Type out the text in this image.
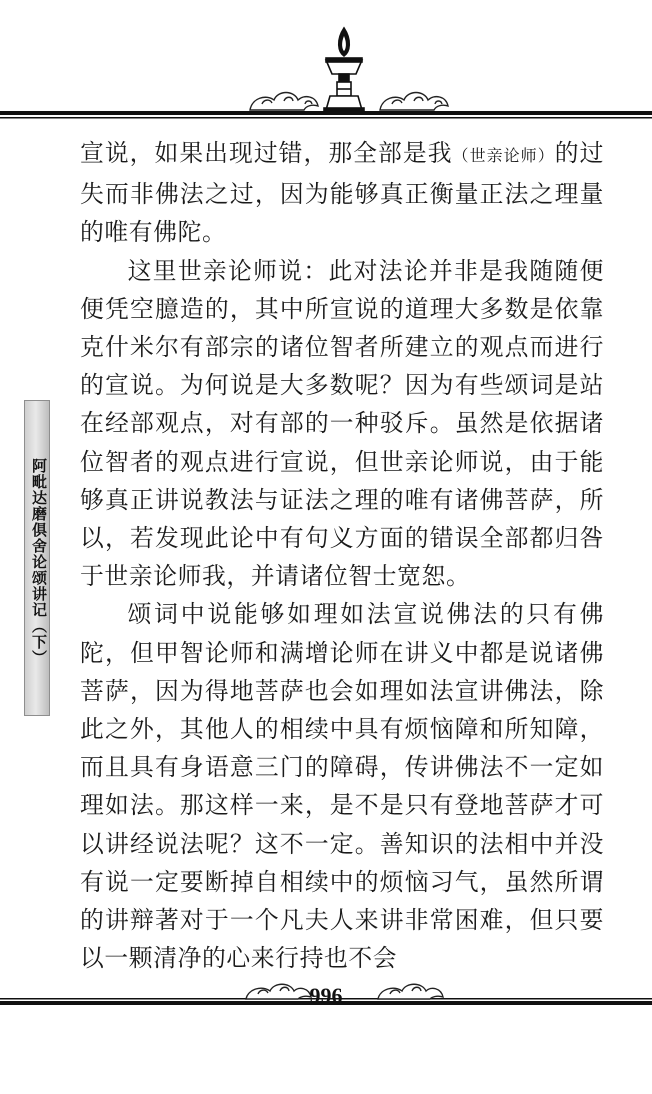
阿毗达磨俱舍论颂讲记（下）

宣说，如果出现过错，那全部是我（世亲论师）的过失而非佛法之过，因为能够真正衡量正法之理量的唯有佛陀。

这里世亲论师说：此对法论并非是我随随便便凭空臆造的，其中所宣说的道理大多数是依靠克什米尔有部宗的诸位智者所建立的观点而进行的宣说。为何说是大多数呢？因为有些颂词是站在经部观点，对有部的一种驳斥。虽然是依据诸位智者的观点进行宣说，但世亲论师说，由于能够真正讲说教法与证法之理的唯有诸佛菩萨，所以，若发现此论中有句义方面的错误全部都归咎于世亲论师我，并请诸位智士宽恕。

颂词中说能够如理如法宣说佛法的只有佛陀，但甲智论师和满增论师在讲义中都是说诸佛菩萨，因为得地菩萨也会如理如法宣讲佛法，除此之外，其他人的相续中具有烦恼障和所知障，而且具有身语意三门的障碍，传讲佛法不一定如理如法。那这样一来，是不是只有登地菩萨才可以讲经说法呢？这不一定。善知识的法相中并没有说一定要断掉自相续中的烦恼习气，虽然所谓的讲辩著对于一个凡夫人来讲非常困难，但只要以一颗清净的心来行持也不会

996
